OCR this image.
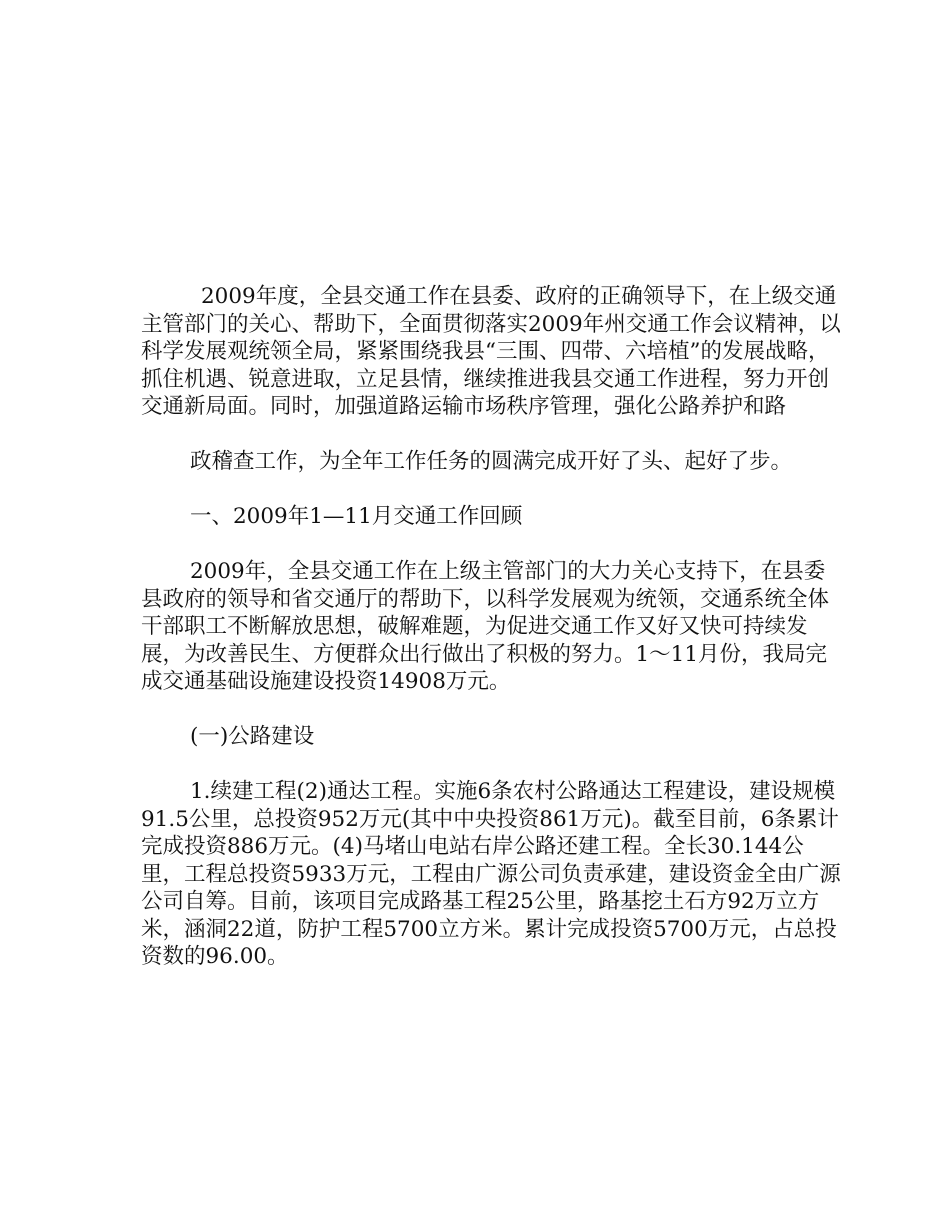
2009年度，全县交通工作在县委、政府的正确领导下，在上级交通主管部门的关心、帮助下，全面贯彻落实2009年州交通工作会议精神，以科学发展观统领全局，紧紧围绕我县“三围、四带、六培植”的发展战略，抓住机遇、锐意进取，立足县情，继续推进我县交通工作进程，努力开创交通新局面。同时，加强道路运输市场秩序管理，强化公路养护和路

政稽查工作，为全年工作任务的圆满完成开好了头、起好了步。

一、2009年1—11月交通工作回顾

2009年，全县交通工作在上级主管部门的大力关心支持下，在县委县政府的领导和省交通厅的帮助下，以科学发展观为统领，交通系统全体干部职工不断解放思想，破解难题，为促进交通工作又好又快可持续发展，为改善民生、方便群众出行做出了积极的努力。1～11月份，我局完成交通基础设施建设投资14908万元。

(一)公路建设

1.续建工程(2)通达工程。实施6条农村公路通达工程建设，建设规模91.5公里，总投资952万元(其中中央投资861万元)。截至目前，6条累计完成投资886万元。(4)马堵山电站右岸公路还建工程。全长30.144公里，工程总投资5933万元，工程由广源公司负责承建，建设资金全由广源公司自筹。目前，该项目完成路基工程25公里，路基挖土石方92万立方米，涵洞22道，防护工程5700立方米。累计完成投资5700万元，占总投资数的96.00。
